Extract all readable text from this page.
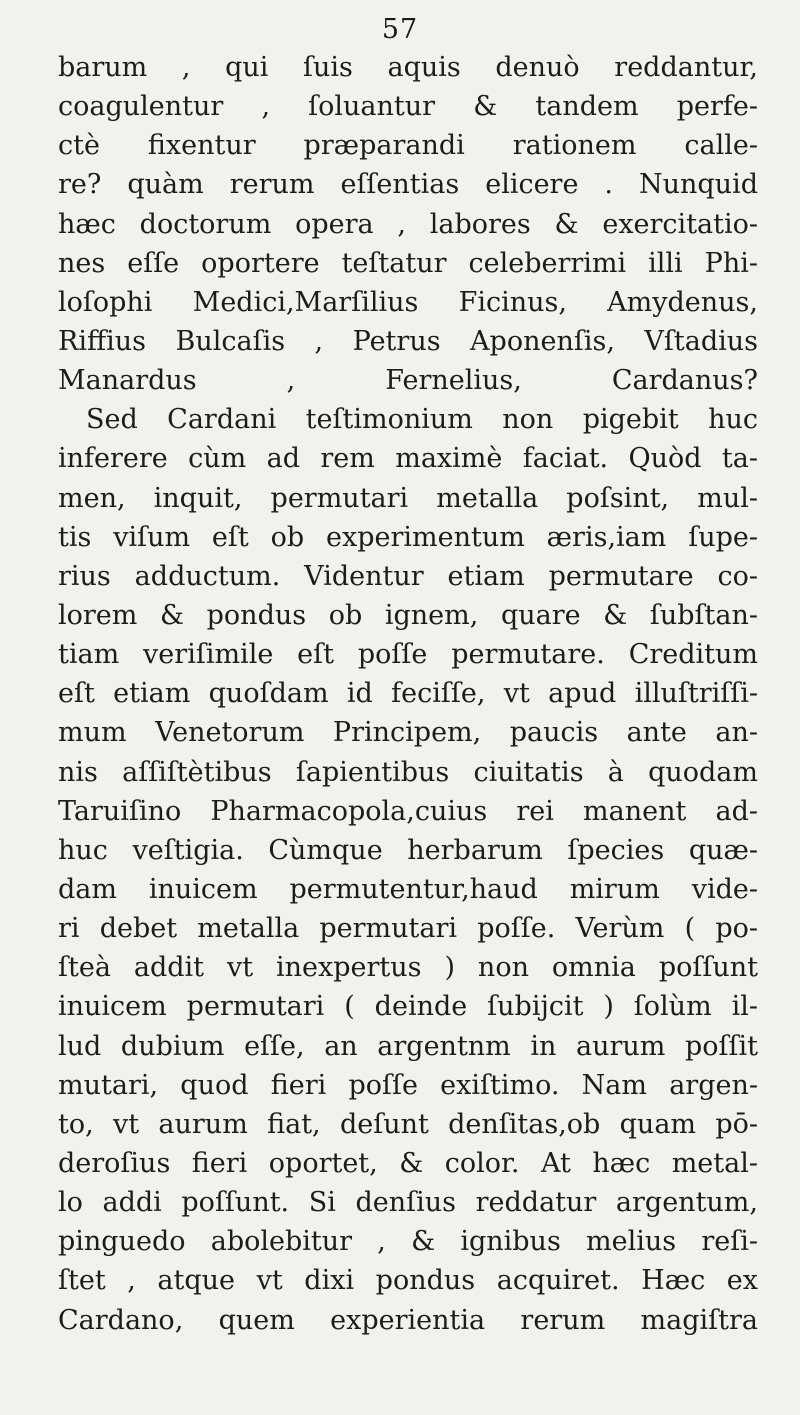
57
barum , qui ſuis aquis denuò reddantur,
coagulentur , ſoluantur & tandem perfe-
ctè fixentur præparandi rationem calle-
re? quàm rerum eſſentias elicere . Nunquid
hæc doctorum opera , labores & exercitatio-
nes eſſe oportere teſtatur celeberrimi illi Phi-
loſophi Medici,Marſilius Ficinus, Amydenus,
Riffius Bulcaſis , Petrus Aponenſis, Vſtadius
Manardus , Fernelius, Cardanus?
Sed Cardani teſtimonium non pigebit huc
inferere cùm ad rem maximè faciat. Quòd ta-
men, inquit, permutari metalla poſsint, mul-
tis viſum eſt ob experimentum æris,iam ſupe-
rius adductum. Videntur etiam permutare co-
lorem & pondus ob ignem, quare & ſubſtan-
tiam veriſimile eſt poſſe permutare. Creditum
eſt etiam quoſdam id feciſſe, vt apud illuſtriſſi-
mum Venetorum Principem, paucis ante an-
nis aſſiſtètibus ſapientibus ciuitatis à quodam
Taruiſino Pharmacopola,cuius rei manent ad-
huc veſtigia. Cùmque herbarum ſpecies quæ-
dam inuicem permutentur,haud mirum vide-
ri debet metalla permutari poſſe. Verùm ( po-
ſteà addit vt inexpertus ) non omnia poſſunt
inuicem permutari ( deinde ſubijcit ) ſolùm il-
lud dubium eſſe, an argentnm in aurum poſſit
mutari, quod fieri poſſe exiſtimo. Nam argen-
to, vt aurum fiat, deſunt denſitas,ob quam pō-
deroſius fieri oportet, & color. At hæc metal-
lo addi poſſunt. Si denſius reddatur argentum,
pinguedo abolebitur , & ignibus melius reſi-
ſtet , atque vt dixi pondus acquiret. Hæc ex
Cardano, quem experientia rerum magiſtra
